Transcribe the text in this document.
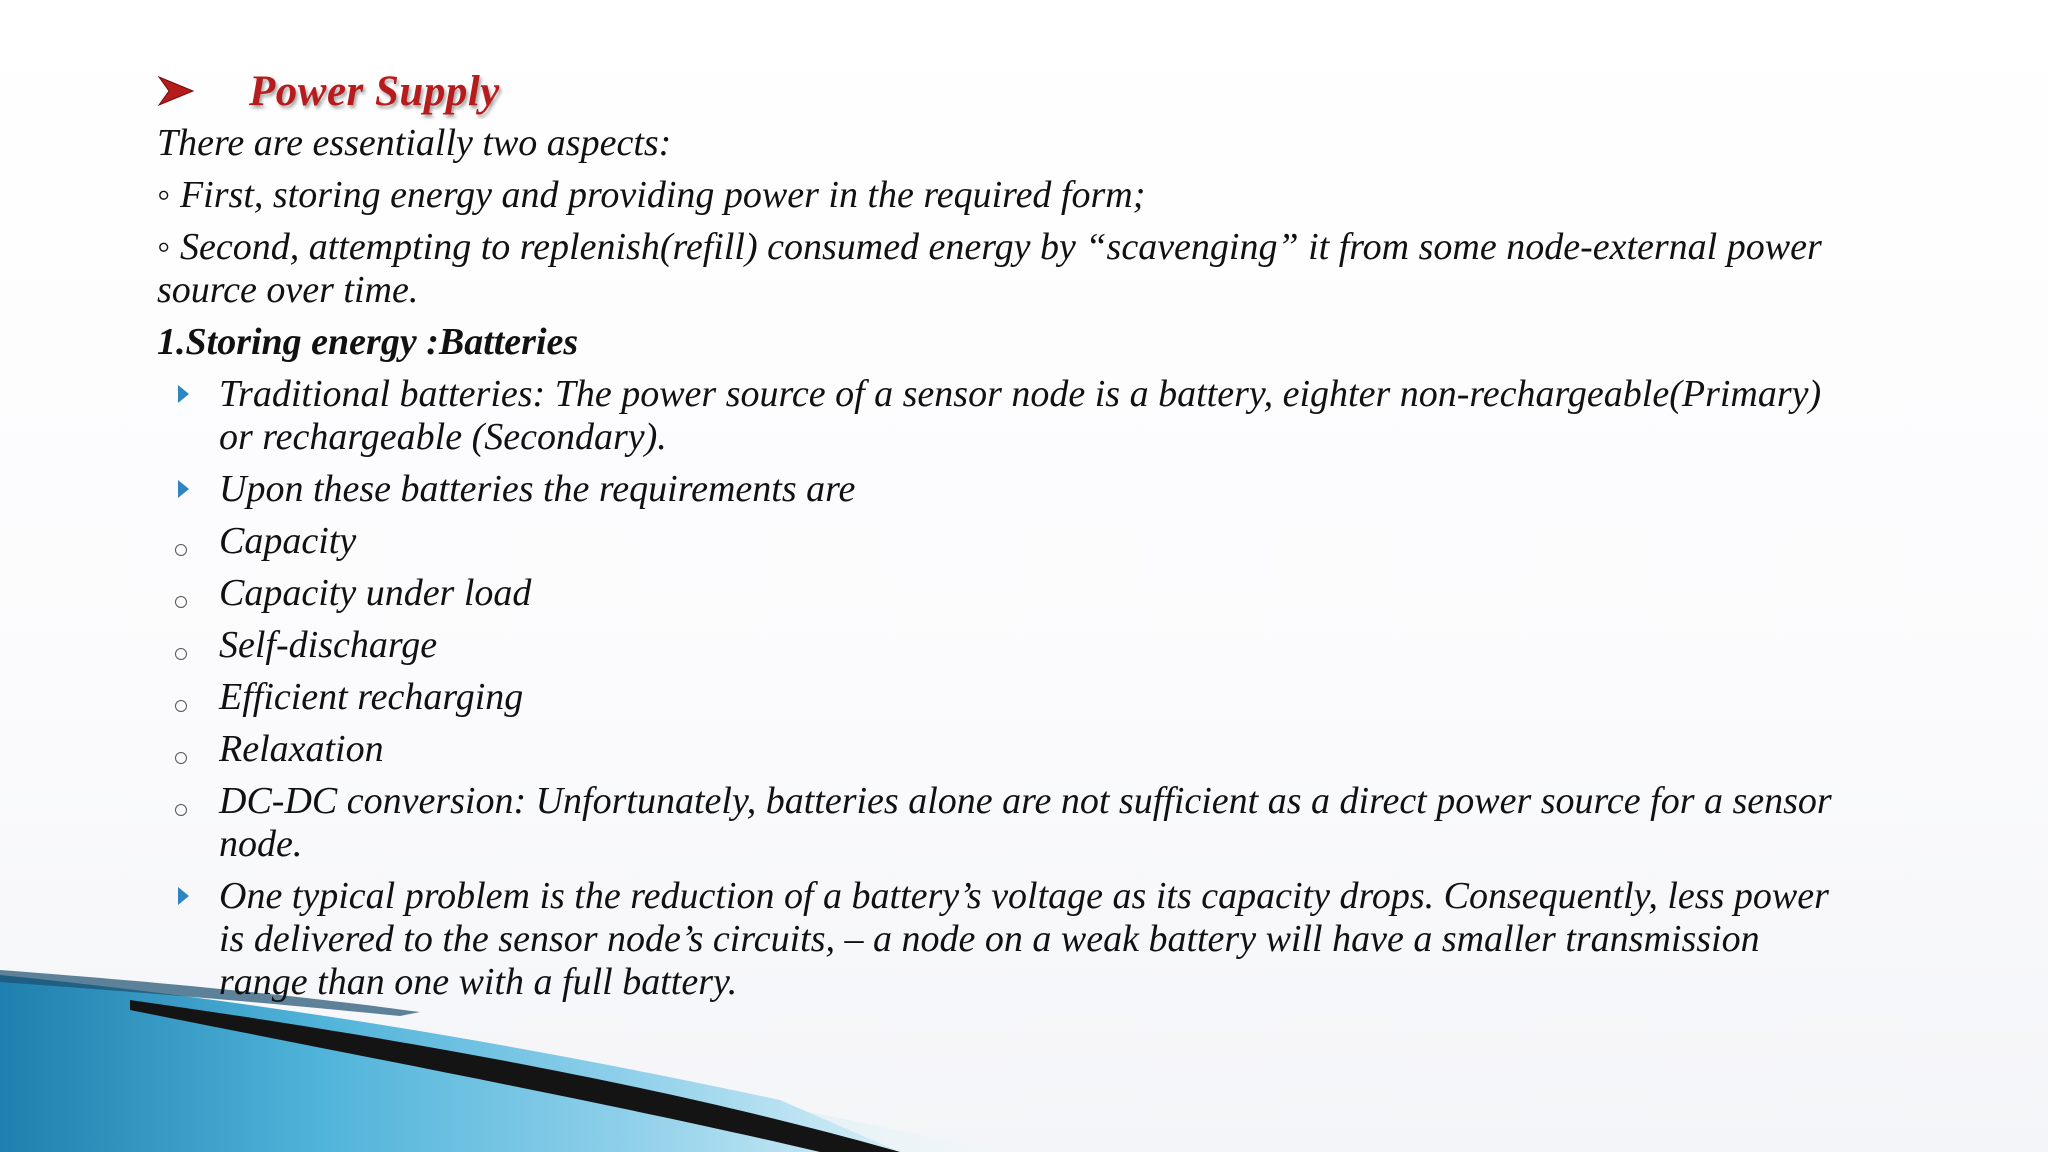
Power Supply

There are essentially two aspects:

◦ First, storing energy and providing power in the required form;

◦ Second, attempting to replenish(refill) consumed energy by “scavenging” it from some node-external power source over time.

1.Storing energy :Batteries

Traditional batteries: The power source of a sensor node is a battery, eighter non-rechargeable(Primary) or rechargeable (Secondary).
Upon these batteries the requirements are
Capacity
Capacity under load
Self-discharge
Efficient recharging
Relaxation
DC-DC conversion: Unfortunately, batteries alone are not sufficient as a direct power source for a sensor node.
One typical problem is the reduction of a battery’s voltage as its capacity drops. Consequently, less power is delivered to the sensor node’s circuits, – a node on a weak battery will have a smaller transmission range than one with a full battery.
